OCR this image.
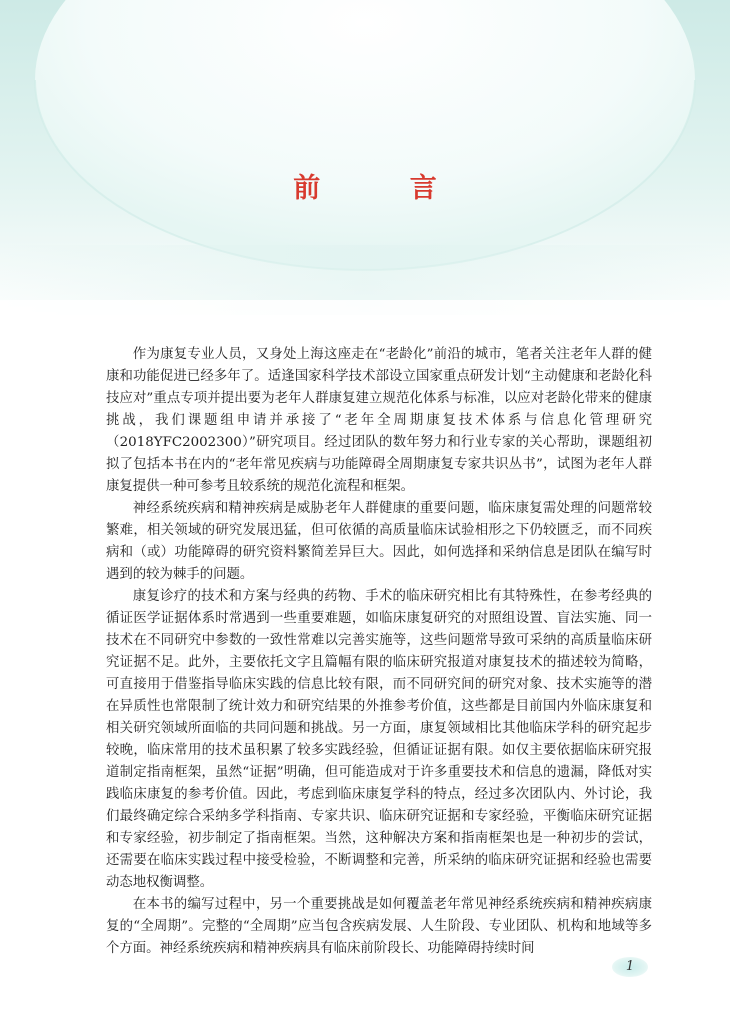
前 言

作为康复专业人员，又身处上海这座走在“老龄化”前沿的城市，笔者关注老年人群的健康和功能促进已经多年了。适逢国家科学技术部设立国家重点研发计划“主动健康和老龄化科技应对”重点专项并提出要为老年人群康复建立规范化体系与标准，以应对老龄化带来的健康挑战，我们课题组申请并承接了“老年全周期康复技术体系与信息化管理研究（2018YFC2002300）”研究项目。经过团队的数年努力和行业专家的关心帮助，课题组初拟了包括本书在内的“老年常见疾病与功能障碍全周期康复专家共识丛书”，试图为老年人群康复提供一种可参考且较系统的规范化流程和框架。

神经系统疾病和精神疾病是威胁老年人群健康的重要问题，临床康复需处理的问题常较繁难，相关领域的研究发展迅猛，但可依循的高质量临床试验相形之下仍较匮乏，而不同疾病和（或）功能障碍的研究资料繁简差异巨大。因此，如何选择和采纳信息是团队在编写时遇到的较为棘手的问题。

康复诊疗的技术和方案与经典的药物、手术的临床研究相比有其特殊性，在参考经典的循证医学证据体系时常遇到一些重要难题，如临床康复研究的对照组设置、盲法实施、同一技术在不同研究中参数的一致性常难以完善实施等，这些问题常导致可采纳的高质量临床研究证据不足。此外，主要依托文字且篇幅有限的临床研究报道对康复技术的描述较为简略，可直接用于借鉴指导临床实践的信息比较有限，而不同研究间的研究对象、技术实施等的潜在异质性也常限制了统计效力和研究结果的外推参考价值，这些都是目前国内外临床康复和相关研究领域所面临的共同问题和挑战。另一方面，康复领域相比其他临床学科的研究起步较晚，临床常用的技术虽积累了较多实践经验，但循证证据有限。如仅主要依据临床研究报道制定指南框架，虽然“证据”明确，但可能造成对于许多重要技术和信息的遗漏，降低对实践临床康复的参考价值。因此，考虑到临床康复学科的特点，经过多次团队内、外讨论，我们最终确定综合采纳多学科指南、专家共识、临床研究证据和专家经验，平衡临床研究证据和专家经验，初步制定了指南框架。当然，这种解决方案和指南框架也是一种初步的尝试，还需要在临床实践过程中接受检验，不断调整和完善，所采纳的临床研究证据和经验也需要动态地权衡调整。

在本书的编写过程中，另一个重要挑战是如何覆盖老年常见神经系统疾病和精神疾病康复的“全周期”。完整的“全周期”应当包含疾病发展、人生阶段、专业团队、机构和地域等多个方面。神经系统疾病和精神疾病具有临床前阶段长、功能障碍持续时间

1
